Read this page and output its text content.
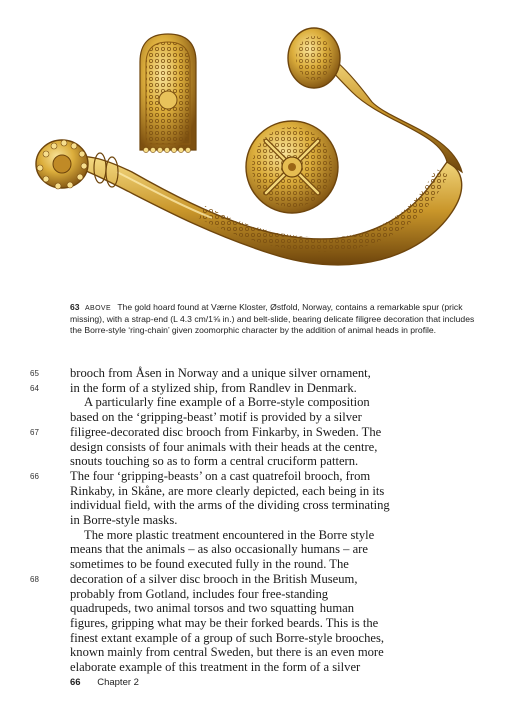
63 ABOVE The gold hoard found at Værne Kloster, Østfold, Norway, contains a remarkable spur (prick missing), with a strap-end (L 4.3 cm/1⅝ in.) and belt-slide, bearing delicate filigree decoration that includes the Borre-style ‘ring-chain’ given zoomorphic character by the addition of animal heads in profile.

65 brooch from Åsen in Norway and a unique silver ornament,
64 in the form of a stylized ship, from Randlev in Denmark.

A particularly fine example of a Borre-style composition
based on the ‘gripping-beast’ motif is provided by a silver
67 filigree-decorated disc brooch from Finkarby, in Sweden. The
design consists of four animals with their heads at the centre,
snouts touching so as to form a central cruciform pattern.
66 The four ‘gripping-beasts’ on a cast quatrefoil brooch, from
Rinkaby, in Skåne, are more clearly depicted, each being in its
individual field, with the arms of the dividing cross terminating
in Borre-style masks.

The more plastic treatment encountered in the Borre style
means that the animals – as also occasionally humans – are
sometimes to be found executed fully in the round. The
68 decoration of a silver disc brooch in the British Museum,
probably from Gotland, includes four free-standing
quadrupeds, two animal torsos and two squatting human
figures, gripping what may be their forked beards. This is the
finest extant example of a group of such Borre-style brooches,
known mainly from central Sweden, but there is an even more
elaborate example of this treatment in the form of a silver

66 Chapter 2
